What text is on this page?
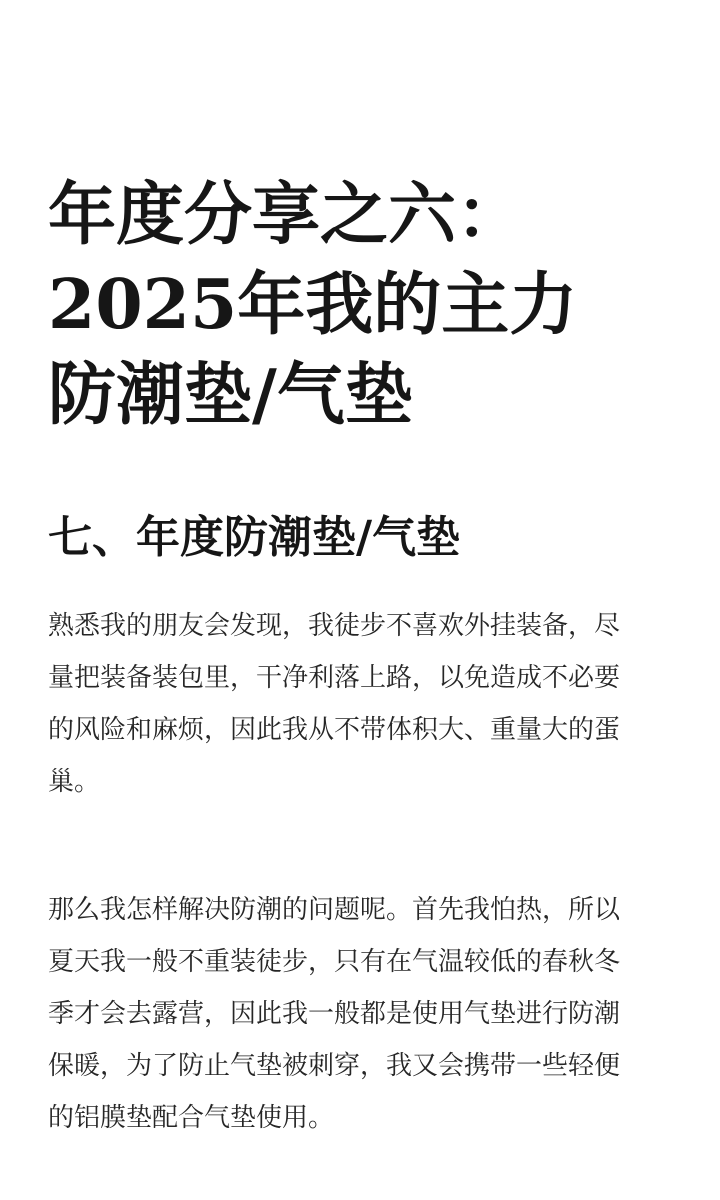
年度分享之六：
2025年我的主力
防潮垫/气垫
七、年度防潮垫/气垫

熟悉我的朋友会发现，我徒步不喜欢外挂装备，尽
量把装备装包里，干净利落上路，以免造成不必要
的风险和麻烦，因此我从不带体积大、重量大的蛋
巢。

那么我怎样解决防潮的问题呢。首先我怕热，所以
夏天我一般不重装徒步，只有在气温较低的春秋冬
季才会去露营，因此我一般都是使用气垫进行防潮
保暖，为了防止气垫被刺穿，我又会携带一些轻便
的铝膜垫配合气垫使用。
